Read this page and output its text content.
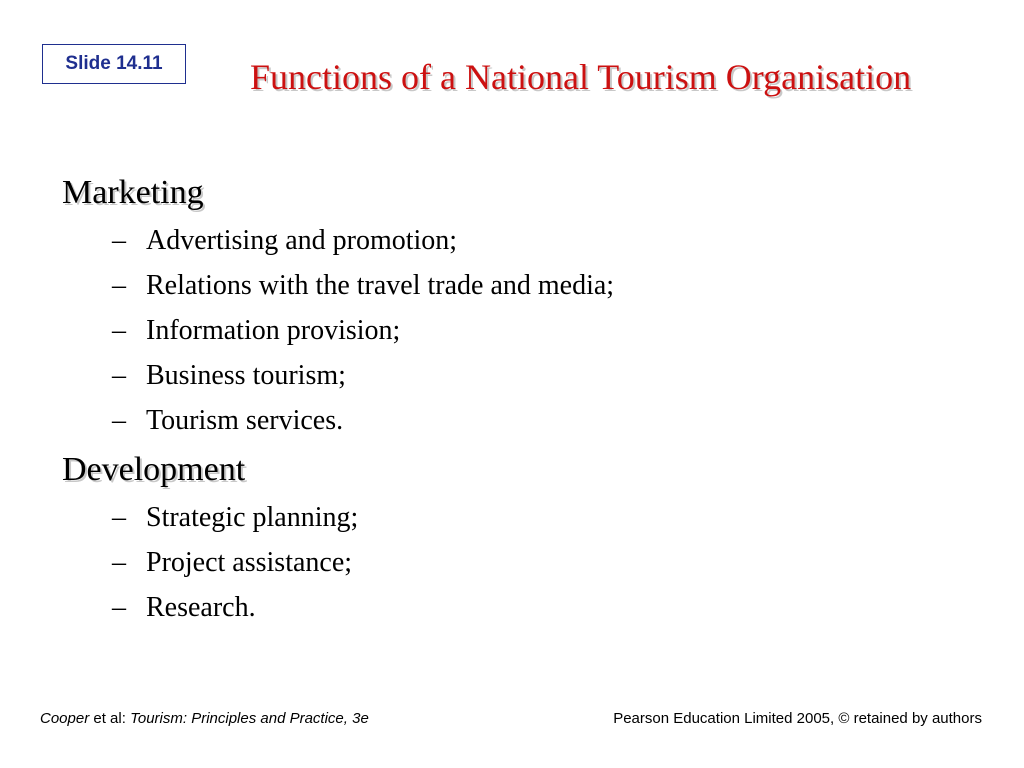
Slide 14.11	Functions of a National Tourism Organisation
Marketing
– Advertising and promotion;
– Relations with the travel trade and media;
– Information provision;
– Business tourism;
– Tourism services.
Development
– Strategic planning;
– Project assistance;
– Research.
Cooper et al: Tourism: Principles and Practice, 3e	Pearson Education Limited 2005, © retained by authors
